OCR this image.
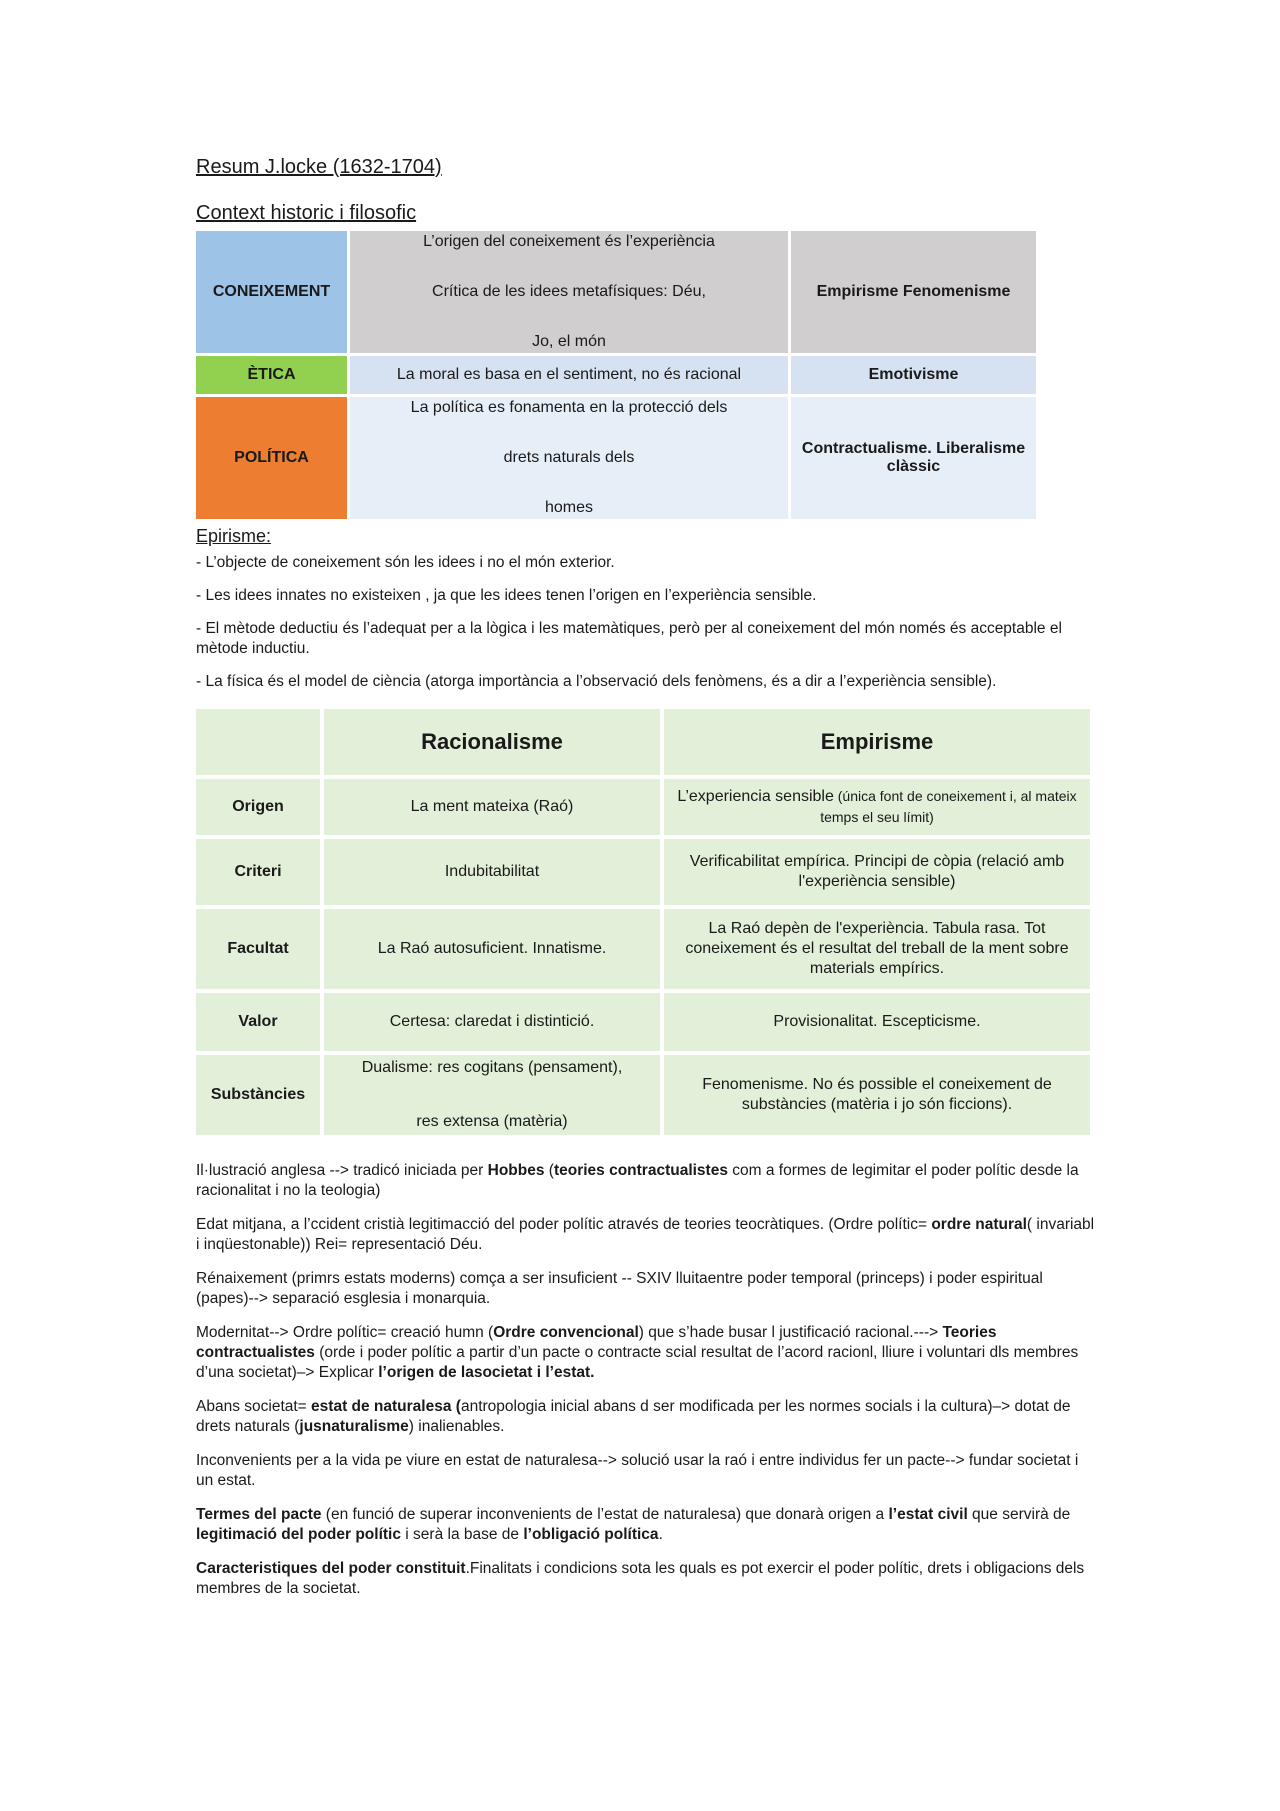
Resum J.locke (1632-1704)
Context historic i filosofic
CONEIXEMENT	L’origen del coneixement és l’experiència
Crítica de les idees metafísiques: Déu,
Jo, el món	Empirisme Fenomenisme
ÈTICA	La moral es basa en el sentiment, no és racional	Emotivisme
POLÍTICA	La política es fonamenta en la protecció dels
drets naturals dels
homes	Contractualisme. Liberalisme clàssic
Epirisme:

- L’objecte de coneixement són les idees i no el món exterior.

- Les idees innates no existeixen , ja que les idees tenen l’origen en l’experiència sensible.

- El mètode deductiu és l’adequat per a la lògica i les matemàtiques, però per al coneixement del món només és acceptable el mètode inductiu.

- La física és el model de ciència (atorga importància a l’observació dels fenòmens, és a dir a l’experiència sensible).

	Racionalisme	Empirisme
Origen	La ment mateixa (Raó)	L’experiencia sensible (única font de coneixement i, al mateix temps el seu límit)
Criteri	Indubitabilitat	Verificabilitat empírica. Principi de còpia (relació amb l'experiència sensible)
Facultat	La Raó autosuficient. Innatisme.	La Raó depèn de l'experiència. Tabula rasa. Tot coneixement és el resultat del treball de la ment sobre materials empírics.
Valor	Certesa: claredat i distintició.	Provisionalitat. Escepticisme.
Substàncies	Dualisme: res cogitans (pensament),
res extensa (matèria)	Fenomenisme. No és possible el coneixement de substàncies (matèria i jo són ficcions).

Il·lustració anglesa --> tradicó iniciada per Hobbes (teories contractualistes com a formes de legimitar el poder polític desde la racionalitat i no la teologia)

Edat mitjana, a l’ccident cristià legitimacció del poder polític através de teories teocràtiques. (Ordre polític= ordre natural( invariabl i inqüestonable)) Rei= representació Déu.

Rénaixement (primrs estats moderns) comça a ser insuficient -- SXIV lluitaentre poder temporal (princeps) i poder espiritual (papes)--> separació esglesia i monarquia.

Modernitat--> Ordre polític= creació humn (Ordre convencional) que s’hade busar l justificació racional.---> Teories contractualistes (orde i poder polític a partir d’un pacte o contracte scial resultat de l’acord racionl, lliure i voluntari dls membres d’una societat)–> Explicar l’origen de lasocietat i l’estat.

Abans societat= estat de naturalesa (antropologia inicial abans d ser modificada per les normes socials i la cultura)–> dotat de drets naturals (jusnaturalisme) inalienables.

Inconvenients per a la vida pe viure en estat de naturalesa--> solució usar la raó i entre individus fer un pacte--> fundar societat i un estat.

Termes del pacte (en funció de superar inconvenients de l’estat de naturalesa) que donarà origen a l’estat civil que servirà de legitimació del poder polític i serà la base de l’obligació política.

Caracteristiques del poder constituit.Finalitats i condicions sota les quals es pot exercir el poder polític, drets i obligacions dels membres de la societat.
